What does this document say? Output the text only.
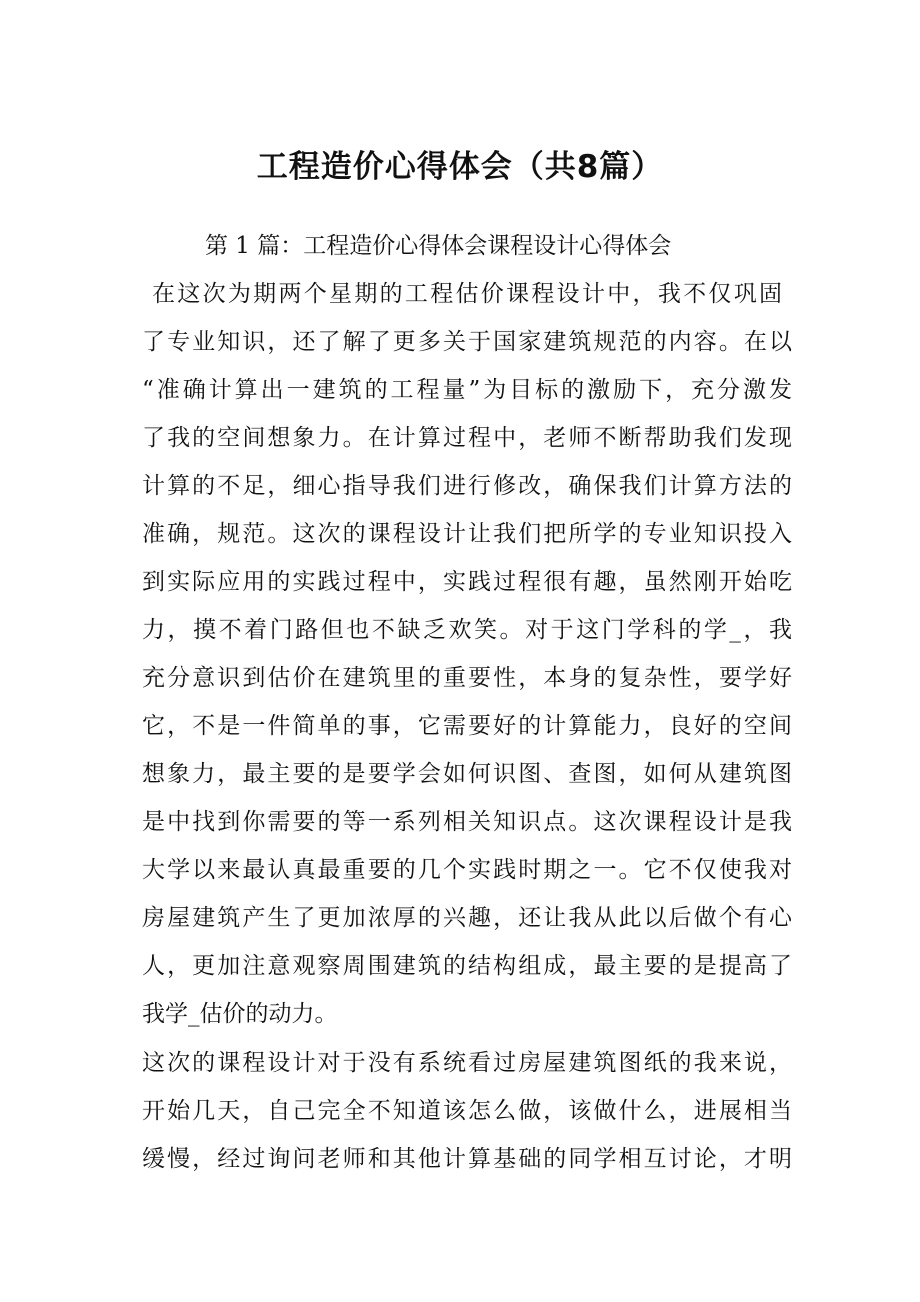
工程造价心得体会（共8篇）

第 1 篇：工程造价心得体会课程设计心得体会

在这次为期两个星期的工程估价课程设计中，我不仅巩固

了专业知识，还了解了更多关于国家建筑规范的内容。在以

“准确计算出一建筑的工程量”为目标的激励下，充分激发

了我的空间想象力。在计算过程中，老师不断帮助我们发现

计算的不足，细心指导我们进行修改，确保我们计算方法的

准确，规范。这次的课程设计让我们把所学的专业知识投入

到实际应用的实践过程中，实践过程很有趣，虽然刚开始吃

力，摸不着门路但也不缺乏欢笑。对于这门学科的学_，我

充分意识到估价在建筑里的重要性，本身的复杂性，要学好

它，不是一件简单的事，它需要好的计算能力，良好的空间

想象力，最主要的是要学会如何识图、查图，如何从建筑图

是中找到你需要的等一系列相关知识点。这次课程设计是我

大学以来最认真最重要的几个实践时期之一。它不仅使我对

房屋建筑产生了更加浓厚的兴趣，还让我从此以后做个有心

人，更加注意观察周围建筑的结构组成，最主要的是提高了

我学_估价的动力。

这次的课程设计对于没有系统看过房屋建筑图纸的我来说，

开始几天，自己完全不知道该怎么做，该做什么，进展相当

缓慢，经过询问老师和其他计算基础的同学相互讨论，才明
